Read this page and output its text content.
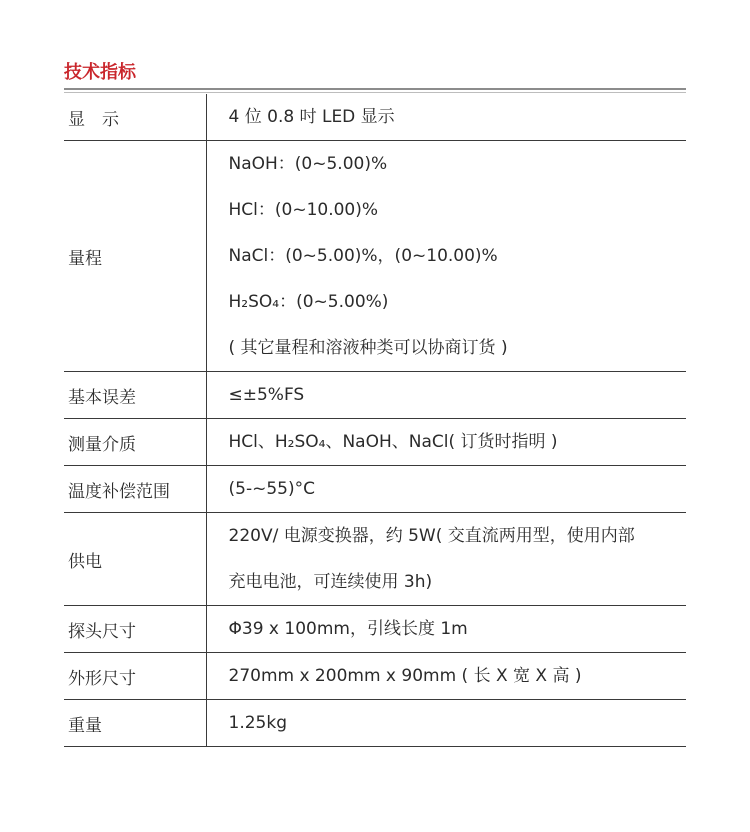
技术指标
显　示	4 位 0.8 吋 LED 显示

量程	NaOH：(0~5.00)%
HCl：(0~10.00)%
NaCl：(0~5.00)%，(0~10.00)%
H₂SO₄：(0~5.00%)
( 其它量程和溶液种类可以协商订货 )

基本误差	≤±5%FS

测量介质	HCl、H₂SO₄、NaOH、NaCl( 订货时指明 )

温度补偿范围	(5-~55)°C

供电	220V/ 电源变换器，约 5W( 交直流两用型，使用内部
充电电池，可连续使用 3h)

探头尺寸	Φ39 x 100mm，引线长度 1m

外形尺寸	270mm x 200mm x 90mm ( 长 X 宽 X 高 )

重量	1.25kg
